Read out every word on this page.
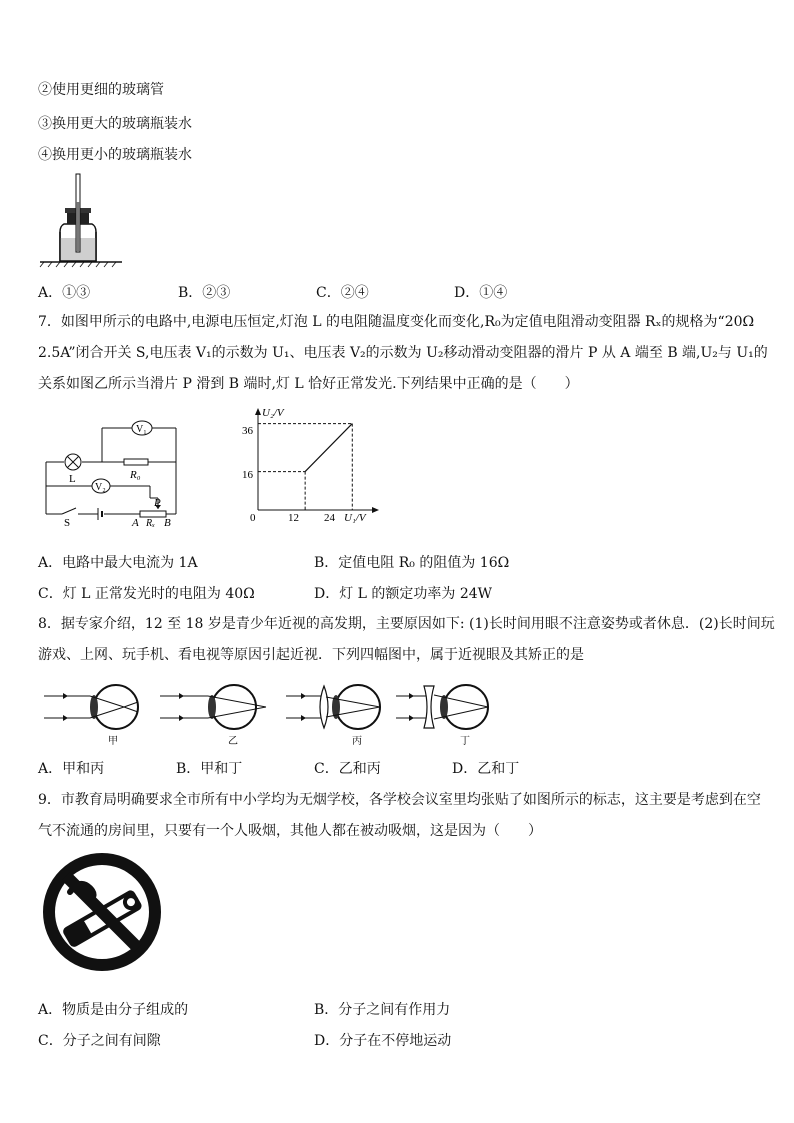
②使用更细的玻璃管
③换用更大的玻璃瓶装水
④换用更小的玻璃瓶装水
A．①③	B．②③	C．②④	D．①④
7．如图甲所示的电路中,电源电压恒定,灯泡 L 的电阻随温度变化而变化,R₀为定值电阻滑动变阻器 Rₓ的规格为“20Ω
2.5A”闭合开关 S,电压表 V₁的示数为 U₁、电压表 V₂的示数为 U₂移动滑动变阻器的滑片 P 从 A 端至 B 端,U₂与 U₁的
关系如图乙所示当滑片 P 滑到 B 端时,灯 L 恰好正常发光.下列结果中正确的是（　　）
V₁
V₂
L	R₀
S
P
A Rₓ B
U₂/V
U₁/V
0
36
16
12 24
A．电路中最大电流为 1A	B．定值电阻 R₀ 的阻值为 16Ω
C．灯 L 正常发光时的电阻为 40Ω	D．灯 L 的额定功率为 24W
8．据专家介绍，12 至 18 岁是青少年近视的高发期，主要原因如下: (1)长时间用眼不注意姿势或者休息．(2)长时间玩
游戏、上网、玩手机、看电视等原因引起近视．下列四幅图中，属于近视眼及其矫正的是
甲	乙	丙	丁
A．甲和丙	B．甲和丁	C．乙和丙	D．乙和丁
9．市教育局明确要求全市所有中小学均为无烟学校，各学校会议室里均张贴了如图所示的标志，这主要是考虑到在空
气不流通的房间里，只要有一个人吸烟，其他人都在被动吸烟，这是因为（　　）
A．物质是由分子组成的	B．分子之间有作用力
C．分子之间有间隙	D．分子在不停地运动
